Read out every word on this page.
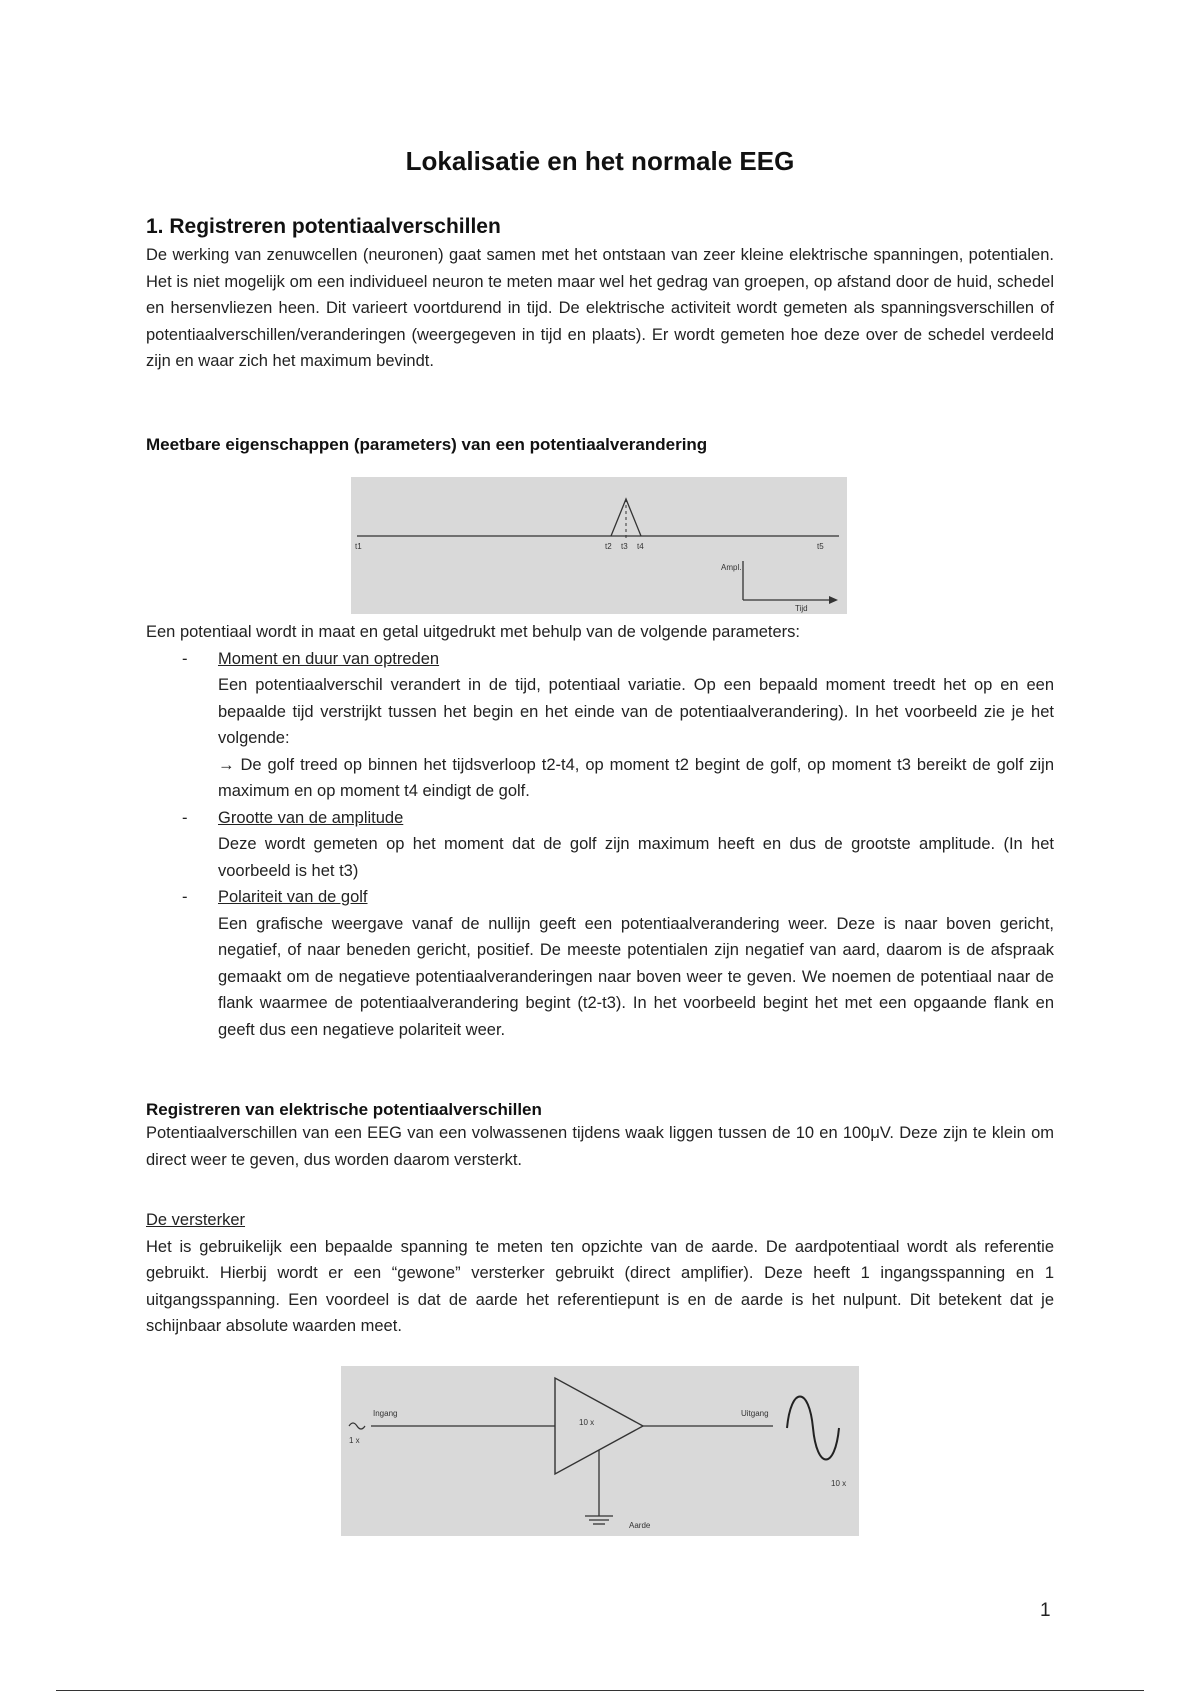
Lokalisatie en het normale EEG
1. Registreren potentiaalverschillen
De werking van zenuwcellen (neuronen) gaat samen met het ontstaan van zeer kleine elektrische spanningen, potentialen. Het is niet mogelijk om een individueel neuron te meten maar wel het gedrag van groepen, op afstand door de huid, schedel en hersenvliezen heen. Dit varieert voortdurend in tijd. De elektrische activiteit wordt gemeten als spanningsverschillen of potentiaalverschillen/veranderingen (weergegeven in tijd en plaats). Er wordt gemeten hoe deze over de schedel verdeeld zijn en waar zich het maximum bevindt.
Meetbare eigenschappen (parameters) van een potentiaalverandering
t1	t2 t3 t4	t5
Ampl.
Tijd
Een potentiaal wordt in maat en getal uitgedrukt met behulp van de volgende parameters:
- Moment en duur van optreden
Een potentiaalverschil verandert in de tijd, potentiaal variatie. Op een bepaald moment treedt het op en een bepaalde tijd verstrijkt tussen het begin en het einde van de potentiaalverandering). In het voorbeeld zie je het volgende:
→ De golf treed op binnen het tijdsverloop t2-t4, op moment t2 begint de golf, op moment t3 bereikt de golf zijn maximum en op moment t4 eindigt de golf.
- Grootte van de amplitude
Deze wordt gemeten op het moment dat de golf zijn maximum heeft en dus de grootste amplitude. (In het voorbeeld is het t3)
- Polariteit van de golf
Een grafische weergave vanaf de nullijn geeft een potentiaalverandering weer. Deze is naar boven gericht, negatief, of naar beneden gericht, positief. De meeste potentialen zijn negatief van aard, daarom is de afspraak gemaakt om de negatieve potentiaalveranderingen naar boven weer te geven. We noemen de potentiaal naar de flank waarmee de potentiaalverandering begint (t2-t3). In het voorbeeld begint het met een opgaande flank en geeft dus een negatieve polariteit weer.
Registreren van elektrische potentiaalverschillen
Potentiaalverschillen van een EEG van een volwassenen tijdens waak liggen tussen de 10 en 100μV. Deze zijn te klein om direct weer te geven, dus worden daarom versterkt.
De versterker
Het is gebruikelijk een bepaalde spanning te meten ten opzichte van de aarde. De aardpotentiaal wordt als referentie gebruikt. Hierbij wordt er een “gewone” versterker gebruikt (direct amplifier). Deze heeft 1 ingangsspanning en 1 uitgangsspanning. Een voordeel is dat de aarde het referentiepunt is en de aarde is het nulpunt. Dit betekent dat je schijnbaar absolute waarden meet.
1 x
Ingang
10 x
Uitgang
10 x
Aarde
1
